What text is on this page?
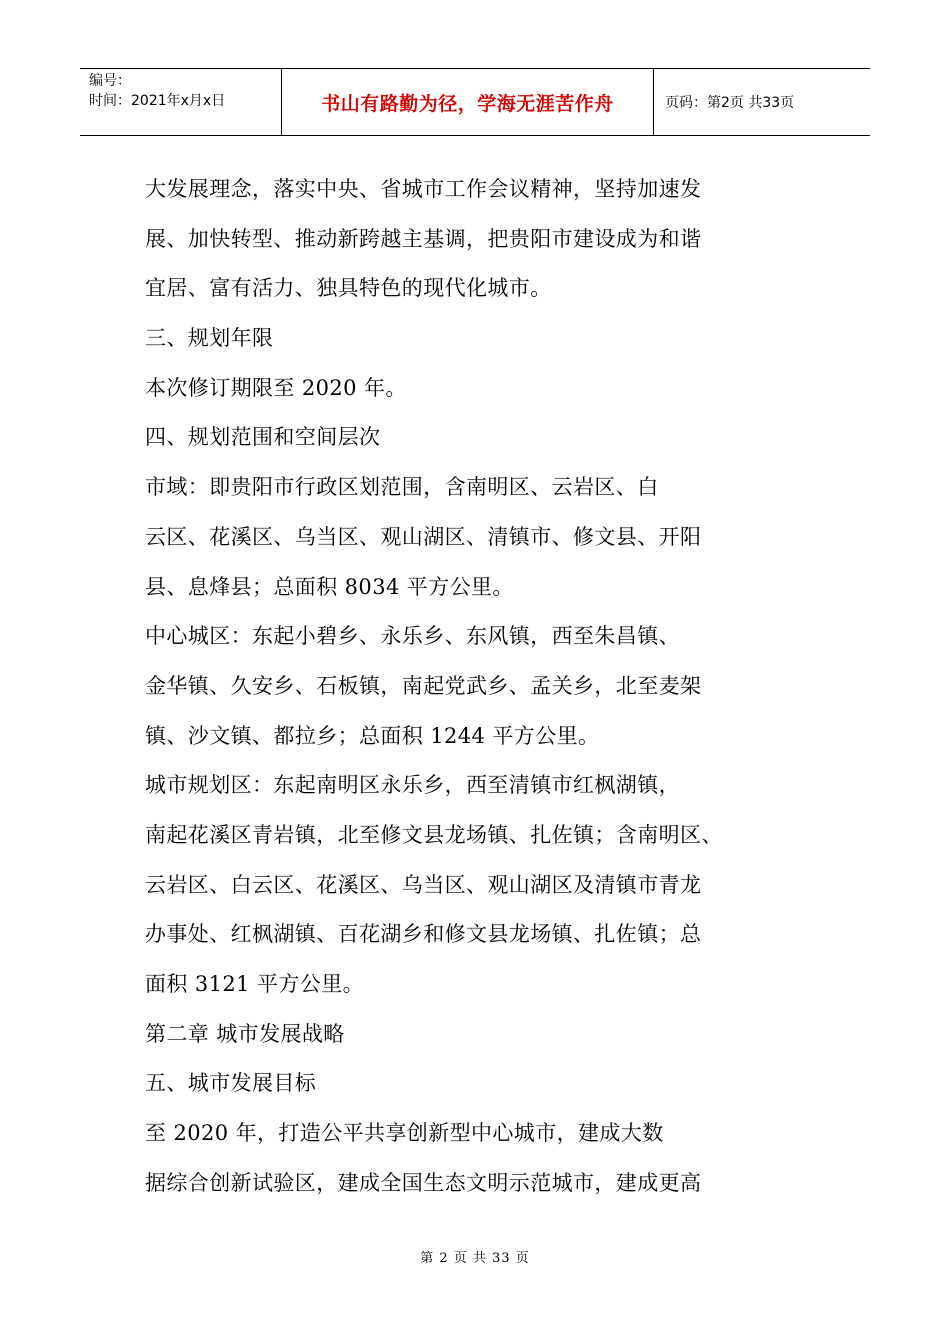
编号：
时间：2021年x月x日	书山有路勤为径，学海无涯苦作舟	页码：第2页 共33页
大发展理念，落实中央、省城市工作会议精神，坚持加速发
展、加快转型、推动新跨越主基调，把贵阳市建设成为和谐
宜居、富有活力、独具特色的现代化城市。
三、规划年限
本次修订期限至 2020 年。
四、规划范围和空间层次
市域：即贵阳市行政区划范围，含南明区、云岩区、白
云区、花溪区、乌当区、观山湖区、清镇市、修文县、开阳
县、息烽县；总面积 8034 平方公里。
中心城区：东起小碧乡、永乐乡、东风镇，西至朱昌镇、
金华镇、久安乡、石板镇，南起党武乡、孟关乡，北至麦架
镇、沙文镇、都拉乡；总面积 1244 平方公里。
城市规划区：东起南明区永乐乡，西至清镇市红枫湖镇，
南起花溪区青岩镇，北至修文县龙场镇、扎佐镇；含南明区、
云岩区、白云区、花溪区、乌当区、观山湖区及清镇市青龙
办事处、红枫湖镇、百花湖乡和修文县龙场镇、扎佐镇；总
面积 3121 平方公里。
第二章 城市发展战略
五、城市发展目标
至 2020 年，打造公平共享创新型中心城市，建成大数
据综合创新试验区，建成全国生态文明示范城市，建成更高
第 2 页 共 33 页
